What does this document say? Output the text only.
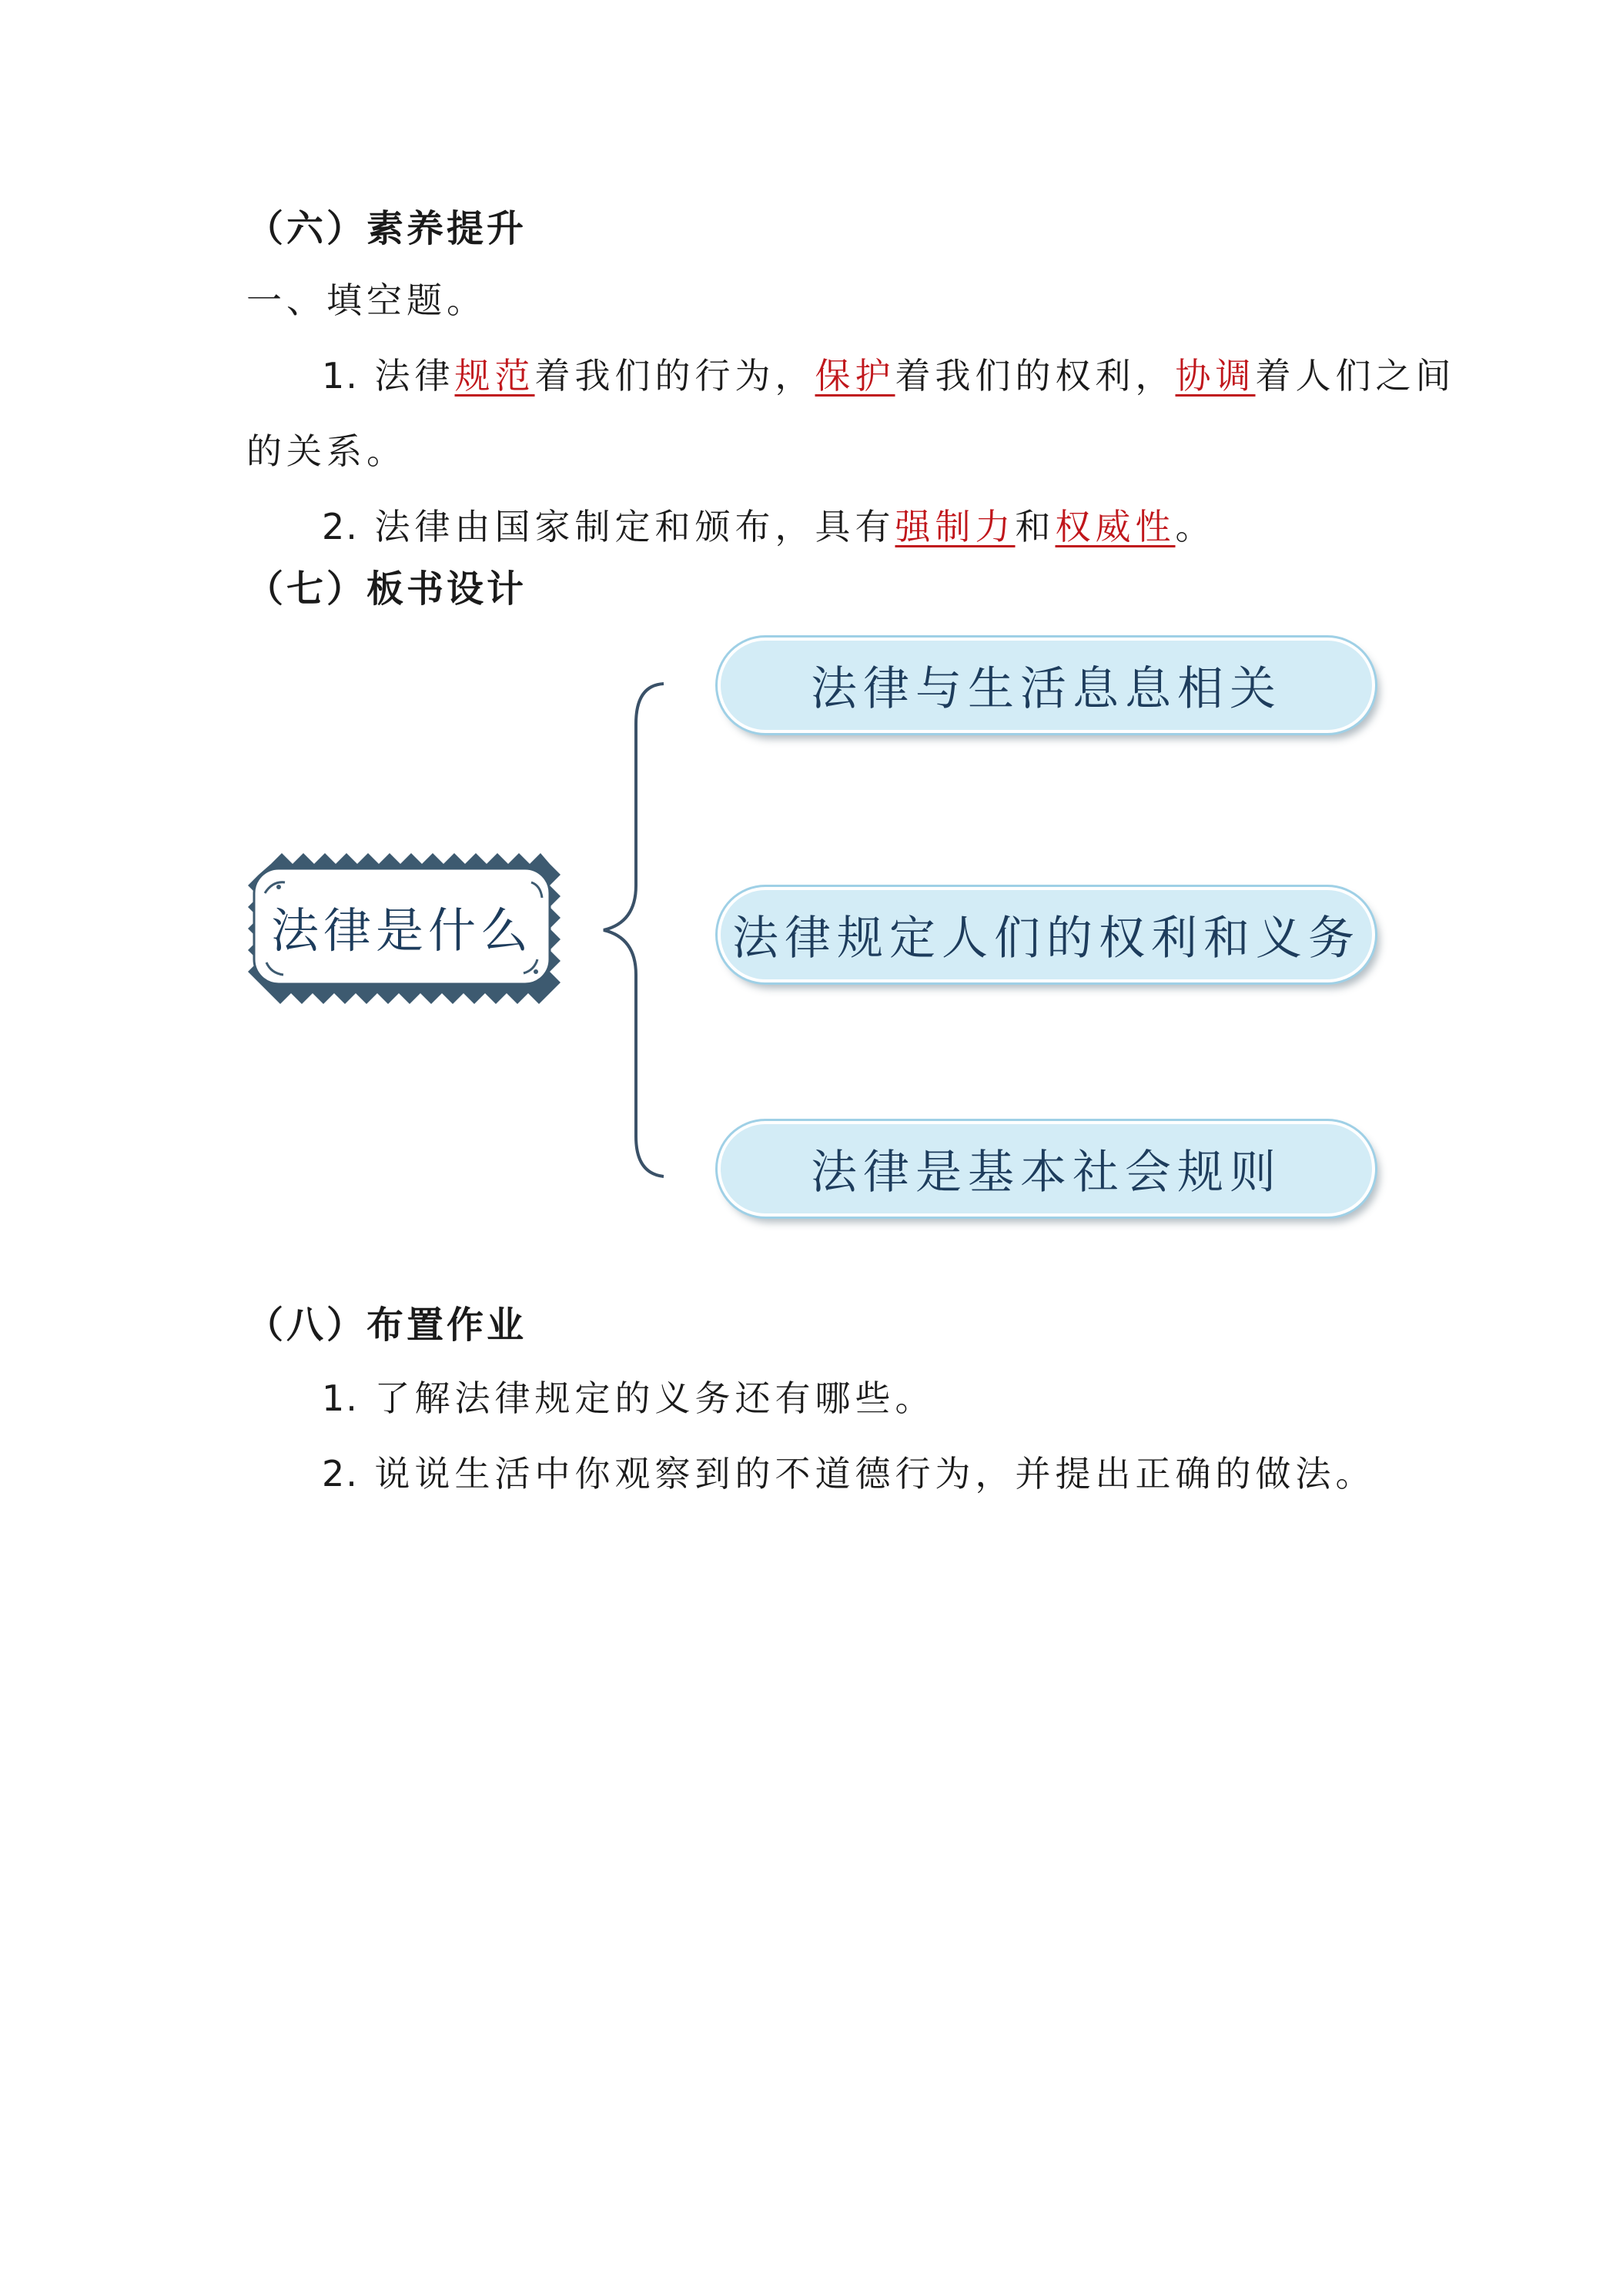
（六）素养提升
一、填空题。
1. 法律规范着我们的行为，保护着我们的权利，协调着人们之间
的关系。
2. 法律由国家制定和颁布，具有强制力和权威性。
（七）板书设计
法律是什么
法律与生活息息相关
法律规定人们的权利和义务
法律是基本社会规则
（八）布置作业
1. 了解法律规定的义务还有哪些。
2. 说说生活中你观察到的不道德行为，并提出正确的做法。
